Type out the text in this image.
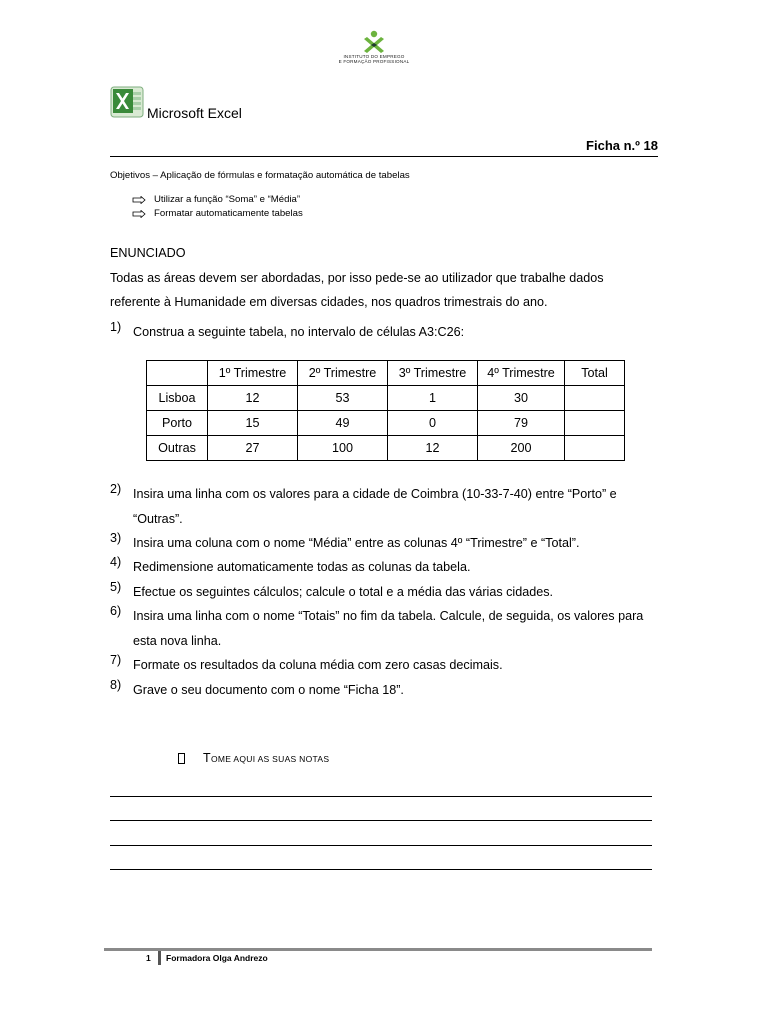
INSTITUTO DO EMPREGO
E FORMAÇÃO PROFISSIONAL
Microsoft Excel
Ficha n.º 18
Objetivos – Aplicação de fórmulas e formatação automática de tabelas
Utilizar a função “Soma” e “Média”
Formatar automaticamente tabelas
ENUNCIADO
Todas as áreas devem ser abordadas, por isso pede-se ao utilizador que trabalhe dados
referente à Humanidade em diversas cidades, nos quadros trimestrais do ano.
1) Construa a seguinte tabela, no intervalo de células A3:C26:
	1º Trimestre	2º Trimestre	3º Trimestre	4º Trimestre	Total
Lisboa	12	53	1	30	
Porto	15	49	0	79	
Outras	27	100	12	200	
2) Insira uma linha com os valores para a cidade de Coimbra (10-33-7-40) entre “Porto” e
“Outras”.
3) Insira uma coluna com o nome “Média” entre as colunas 4º “Trimestre” e “Total”.
4) Redimensione automaticamente todas as colunas da tabela.
5) Efectue os seguintes cálculos; calcule o total e a média das várias cidades.
6) Insira uma linha com o nome “Totais” no fim da tabela. Calcule, de seguida, os valores para
esta nova linha.
7) Formate os resultados da coluna média com zero casas decimais.
8) Grave o seu documento com o nome “Ficha 18”.
TOME AQUI AS SUAS NOTAS
1 Formadora Olga Andrezo
